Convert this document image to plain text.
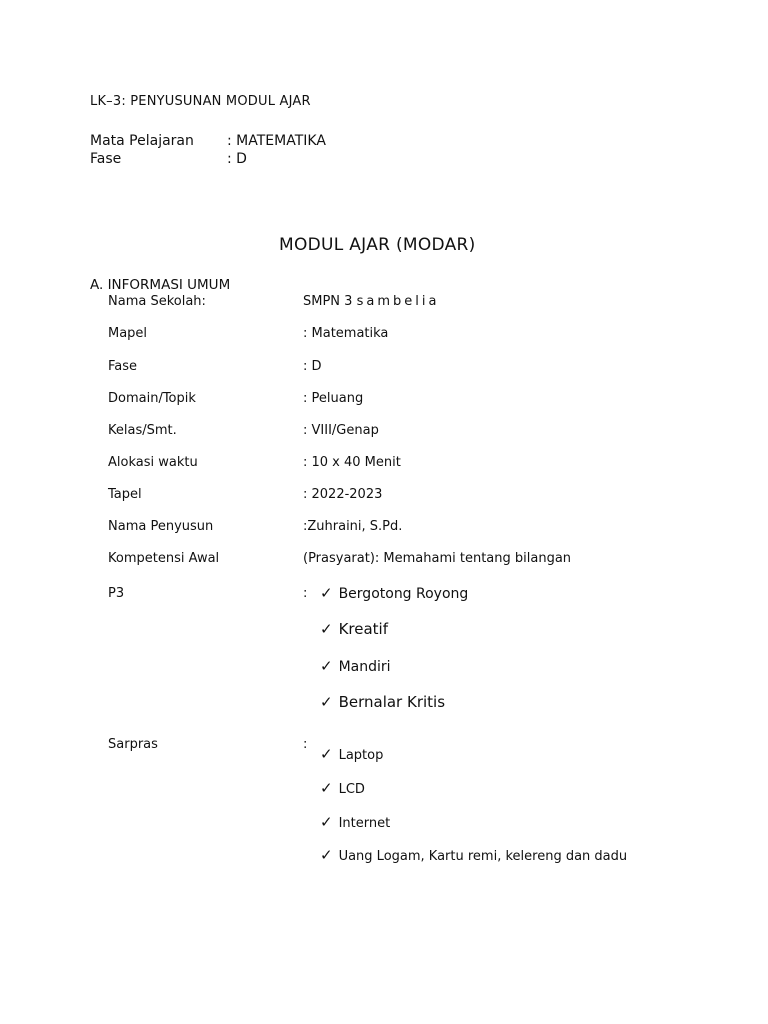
LK–3: PENYUSUNAN MODUL AJAR
Mata Pelajaran : MATEMATIKA
Fase	: D
MODUL AJAR (MODAR)
A. INFORMASI UMUM
Nama Sekolah:	SMPN 3 sambelia
Mapel	: Matematika
Fase	: D
Domain/Topik	: Peluang
Kelas/Smt.	: VIII/Genap
Alokasi waktu	: 10 x 40 Menit
Tapel	: 2022-2023
Nama Penyusun	:Zuhraini, S.Pd.
Kompetensi Awal	(Prasyarat): Memahami tentang bilangan
P3	: ✓ Bergotong Royong
✓ Kreatif
✓ Mandiri
✓ Bernalar Kritis
Sarpras	:
✓ Laptop
✓ LCD
✓ Internet
✓ Uang Logam, Kartu remi, kelereng dan dadu
